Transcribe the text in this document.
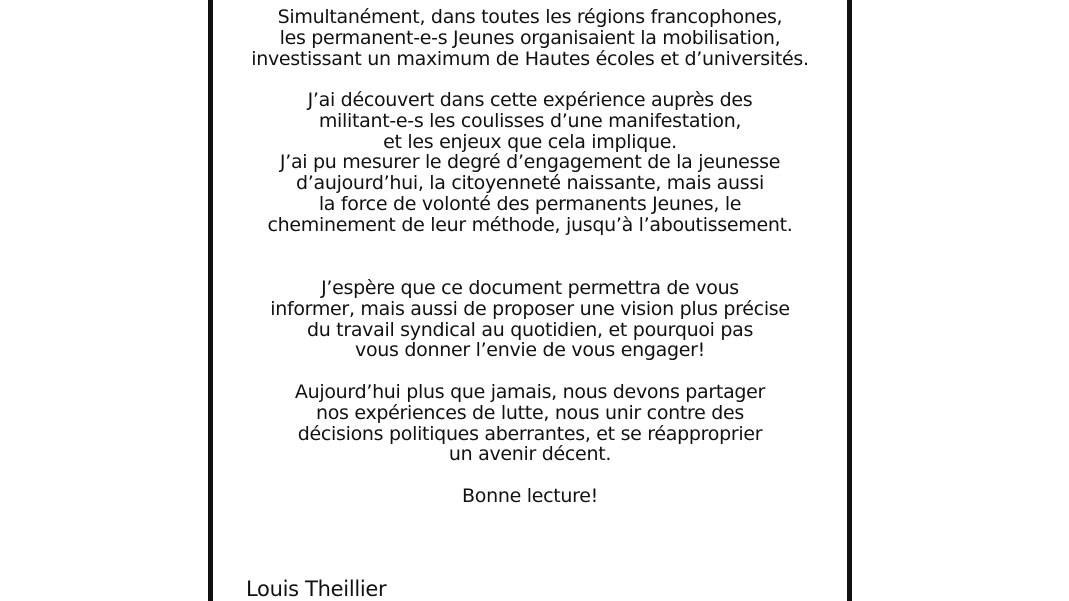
Simultanément, dans toutes les régions francophones,
les permanent-e-s Jeunes organisaient la mobilisation,
investissant un maximum de Hautes écoles et d’universités.

J’ai découvert dans cette expérience auprès des
militant-e-s les coulisses d’une manifestation,
et les enjeux que cela implique.
J’ai pu mesurer le degré d’engagement de la jeunesse
d’aujourd’hui, la citoyenneté naissante, mais aussi
la force de volonté des permanents Jeunes, le
cheminement de leur méthode, jusqu’à l’aboutissement.

J’espère que ce document permettra de vous
informer, mais aussi de proposer une vision plus précise
du travail syndical au quotidien, et pourquoi pas
vous donner l’envie de vous engager!

Aujourd’hui plus que jamais, nous devons partager
nos expériences de lutte, nous unir contre des
décisions politiques aberrantes, et se réapproprier
un avenir décent.

Bonne lecture!

Louis Theillier
